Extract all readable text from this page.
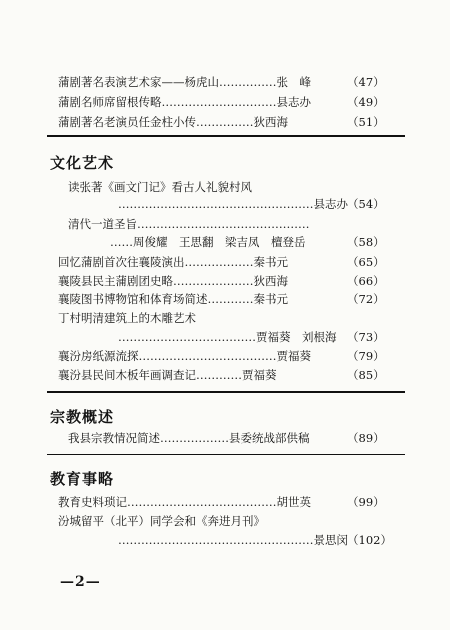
蒲剧著名表演艺术家——杨虎山……………张　峰	（47）
蒲剧名师席留根传略…………………………县志办	（49）
蒲剧著名老演员任金柱小传……………狄西海	（51）
文化艺术
读张著《画文门记》看古人礼貌村风
……………………………………………县志办 （54）
清代一道圣旨………………………………………
……周俊耀　王思翻　梁吉凤　檀登岳	（58）
回忆蒲剧首次往襄陵演出………………秦书元	（65）
襄陵县民主蒲剧团史略…………………狄西海	（66）
襄陵图书博物馆和体育场简述…………秦书元	（72）
丁村明清建筑上的木雕艺术
………………………………贾福葵　刘根海 （73）
襄汾房纸源流探………………………………贾福葵	（79）
襄汾县民间木板年画调查记…………贾福葵	（85）
宗教概述
我县宗教情况简述………………县委统战部供稿	（89）
教育事略
教育史料琐记…………………………………胡世英	（99）
汾城留平（北平）同学会和《奔进月刊》
……………………………………………景思闵 （102）
—2—
